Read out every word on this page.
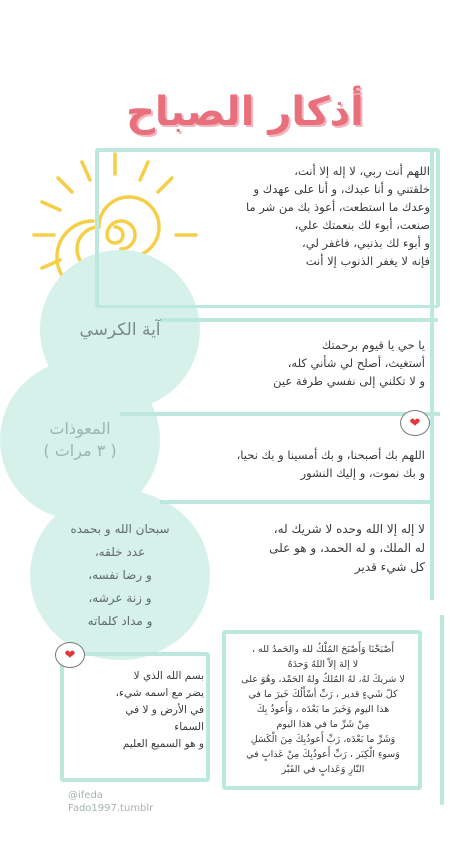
أذكار الصباح
اللهم أنت ربي، لا إله إلا أنت،
خلقتني و أنا عبدك، و أنا على عهدك و
وعدك ما استطعت، أعوذ بك من شر ما
صنعت، أبوء لك بنعمتك علي،
و أبوء لك بذنبي، فاغفر لي،
فإنه لا يغفر الذنوب إلا أنت
آية الكرسي
يا حي يا قيوم برحمتك
أستغيث، أصلح لي شأني كله،
و لا تكلني إلى نفسي طرفة عين
المعوذات
( ٣ مرات )	اللهم بك أصبحنا، و بك أمسينا و بك نحيا،
و بك نموت، و إليك النشور
سبحان الله و بحمده
عدد خلقه،
و رضا نفسه،
و زنة عرشه،
و مداد كلماته
لا إله إلا الله وحده لا شريك له،
له الملك، و له الحمد، و هو على
كل شيء قدير
بسم الله الذي لا
يضر مع اسمه شيء،
في الأرض و لا في
السماء
و هو السميع العليم
أَصْبَحْنَا وَأَصْبَحَ المُلْكُ لله والحَمدُ لله ،
لا إلهَ إلاّ اللهُ وَحدَهُ
لا شريكَ لهُ، لهُ المُلكُ ولهُ الحَمْد، وهُوَ على
كلّ شَيءٍ قدير ، رَبِّ أسْأَلُكَ خَيرَ ما في
هذا اليوم وَخَيرَ ما بَعْدَه ، وَأَعوذُ بِكَ
مِنْ شَرِّ ما في هذا اليوم
وَشَرِّ ما بَعْدَه، رَبِّ أَعوذُبِكَ مِنَ الْكَسَلِ
وَسوءِ الْكِبَر ، رَبِّ أَعوذُبِكَ مِنْ عَذابٍ في
النّارِ وَعَذابٍ في القَبْر
❤
❤
@ifeda
Fado1997.tumblr
